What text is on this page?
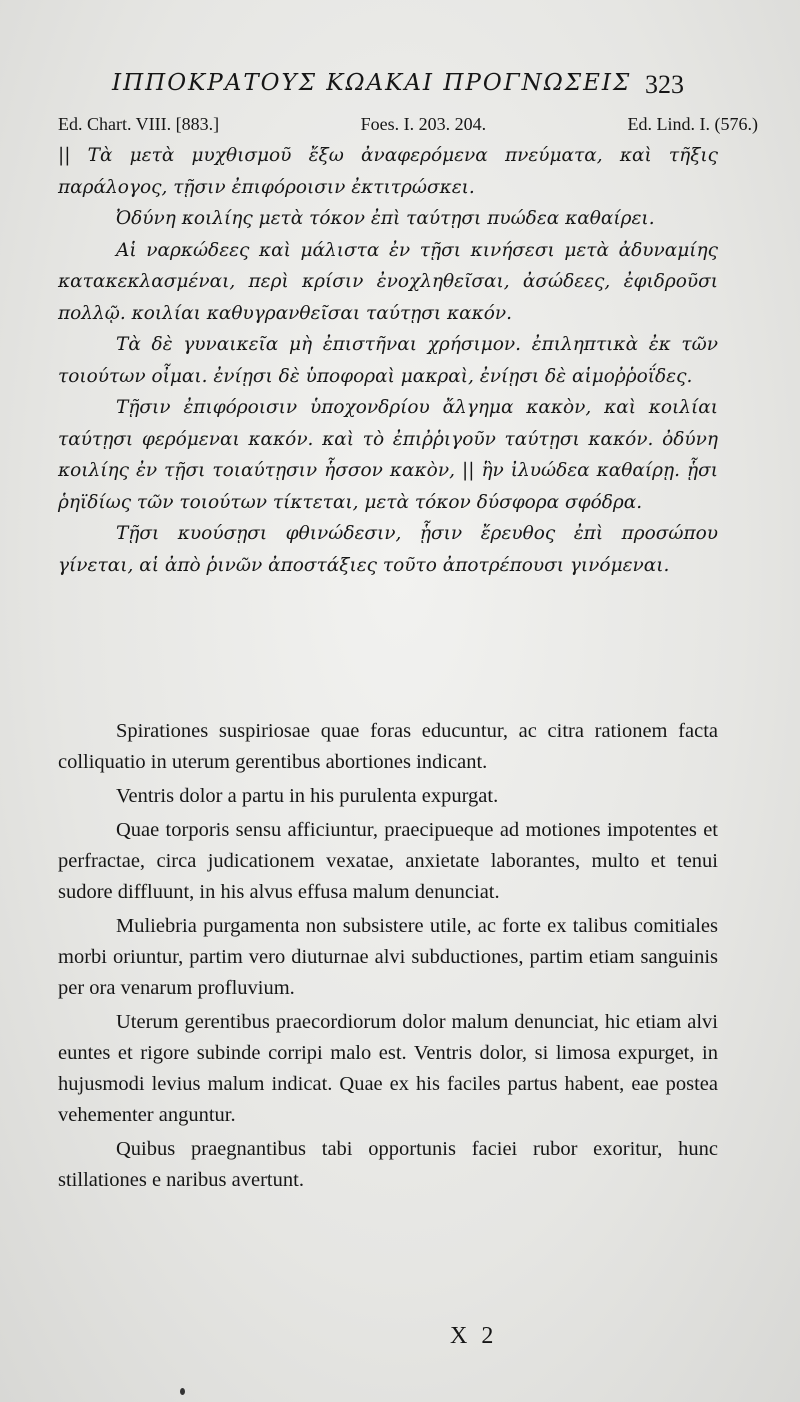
ΙΠΠΟΚΡΑΤΟΥΣ ΚΩΑΚΑΙ ΠΡΟΓΝΩΣΕΙΣ 323
Ed. Chart. VIII. [883.]	Foes. I. 203. 204.	Ed. Lind. I. (576.)

|| Τὰ μετὰ μυχθισμοῦ ἔξω ἀναφερόμενα πνεύματα, καὶ τῆξις παράλογος, τῇσιν ἐπιφόροισιν ἐκτιτρώσκει.

Ὀδύνη κοιλίης μετὰ τόκον ἐπὶ ταύτῃσι πυώδεα καθαίρει.

Αἱ ναρκώδεες καὶ μάλιστα ἐν τῇσι κινήσεσι μετὰ ἀδυναμίης κατακεκλασμέναι, περὶ κρίσιν ἐνοχληθεῖσαι, ἀσώδεες, ἐφιδροῦσι πολλῷ. κοιλίαι καθυγρανθεῖσαι ταύτῃσι κακόν.

Τὰ δὲ γυναικεῖα μὴ ἐπιστῆναι χρήσιμον. ἐπιληπτικὰ ἐκ τῶν τοιούτων οἶμαι. ἐνίῃσι δὲ ὑποφοραὶ μακραὶ, ἐνίῃσι δὲ αἱμοῤῥοΐδες.

Τῇσιν ἐπιφόροισιν ὑποχονδρίου ἄλγημα κακὸν, καὶ κοιλίαι ταύτῃσι φερόμεναι κακόν. καὶ τὸ ἐπιῤῥιγοῦν ταύτῃσι κακόν. ὀδύνη κοιλίης ἐν τῇσι τοιαύτῃσιν ἧσσον κακὸν, || ἣν ἰλυώδεα καθαίρῃ. ᾗσι ῥηϊδίως τῶν τοιούτων τίκτεται, μετὰ τόκον δύσφορα σφόδρα.

Τῇσι κυούσῃσι φθινώδεσιν, ᾗσιν ἔρευθος ἐπὶ προσώπου γίνεται, αἱ ἀπὸ ῥινῶν ἀποστάξιες τοῦτο ἀποτρέπουσι γινόμεναι.

Spirationes suspiriosae quae foras educuntur, ac citra rationem facta colliquatio in uterum gerentibus abortiones indicant.

Ventris dolor a partu in his purulenta expurgat.

Quae torporis sensu afficiuntur, praecipueque ad motiones impotentes et perfractae, circa judicationem vexatae, anxietate laborantes, multo et tenui sudore diffluunt, in his alvus effusa malum denunciat.

Muliebria purgamenta non subsistere utile, ac forte ex talibus comitiales morbi oriuntur, partim vero diuturnae alvi subductiones, partim etiam sanguinis per ora venarum profluvium.

Uterum gerentibus praecordiorum dolor malum denunciat, hic etiam alvi euntes et rigore subinde corripi malo est. Ventris dolor, si limosa expurget, in hujusmodi levius malum indicat. Quae ex his faciles partus habent, eae postea vehementer anguntur.

Quibus praegnantibus tabi opportunis faciei rubor exoritur, hunc stillationes e naribus avertunt.

X 2
